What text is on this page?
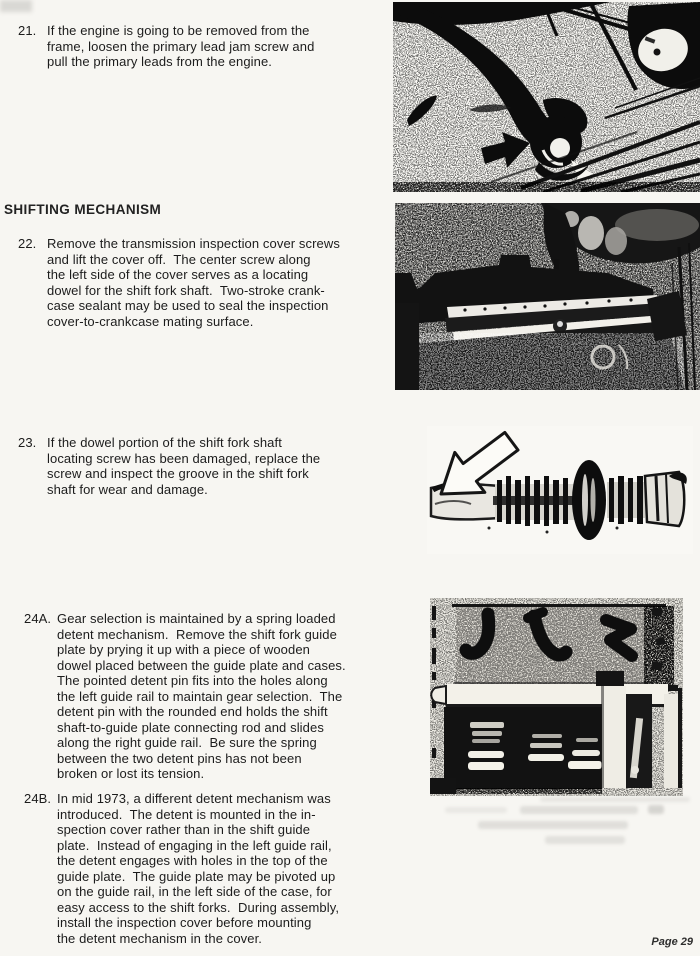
21. If the engine is going to be removed from the
frame, loosen the primary lead jam screw and
pull the primary leads from the engine.
SHIFTING MECHANISM
22. Remove the transmission inspection cover screws
and lift the cover off.  The center screw along
the left side of the cover serves as a locating
dowel for the shift fork shaft.  Two-stroke crank-
case sealant may be used to seal the inspection
cover-to-crankcase mating surface.
23. If the dowel portion of the shift fork shaft
locating screw has been damaged, replace the
screw and inspect the groove in the shift fork
shaft for wear and damage.
24A. Gear selection is maintained by a spring loaded
detent mechanism.  Remove the shift fork guide
plate by prying it up with a piece of wooden
dowel placed between the guide plate and cases.
The pointed detent pin fits into the holes along
the left guide rail to maintain gear selection.  The
detent pin with the rounded end holds the shift
shaft-to-guide plate connecting rod and slides
along the right guide rail.  Be sure the spring
between the two detent pins has not been
broken or lost its tension.
24B. In mid 1973, a different detent mechanism was
introduced.  The detent is mounted in the in-
spection cover rather than in the shift guide
plate.  Instead of engaging in the left guide rail,
the detent engages with holes in the top of the
guide plate.  The guide plate may be pivoted up
on the guide rail, in the left side of the case, for
easy access to the shift forks.  During assembly,
install the inspection cover before mounting
the detent mechanism in the cover.	Page 29
